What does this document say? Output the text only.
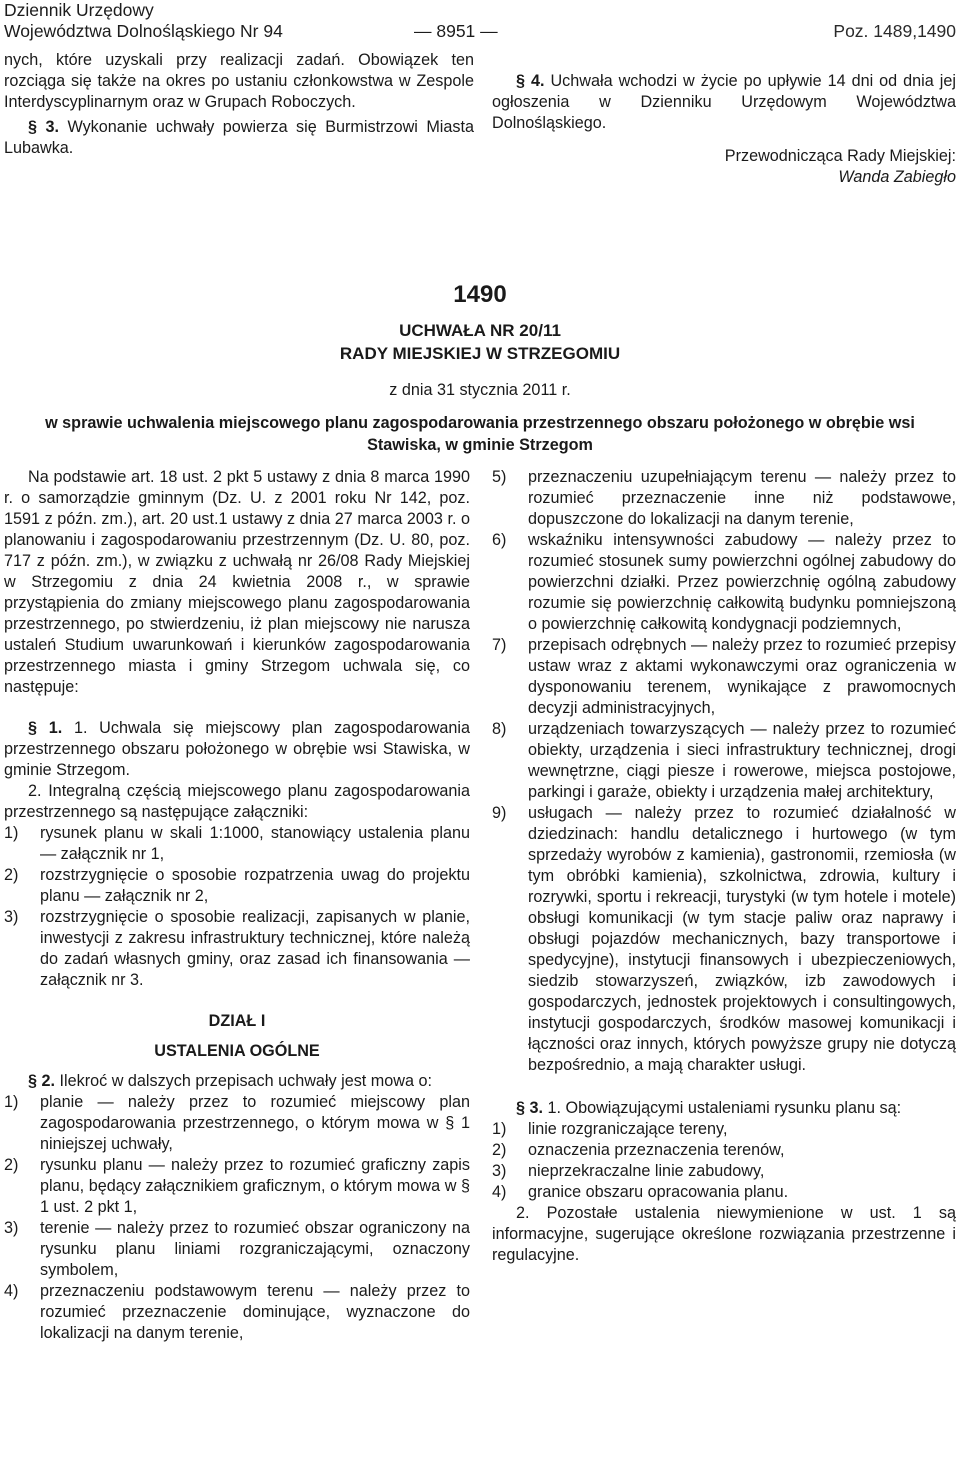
Dziennik Urzędowy
Województwa Dolnośląskiego Nr 94	Poz. 1489,1490
— 8951 —

nych, które uzyskali przy realizacji zadań. Obowiązek ten rozciąga się także na okres po ustaniu członkowstwa w Zespole Interdyscyplinarnym oraz w Grupach Roboczych.

§ 3. Wykonanie uchwały powierza się Burmistrzowi Miasta Lubawka.

§ 4. Uchwała wchodzi w życie po upływie 14 dni od dnia jej ogłoszenia w Dzienniku Urzędowym Województwa Dolnośląskiego.

Przewodnicząca Rady Miejskiej:

Wanda Zabiegło

1490
UCHWAŁA NR 20/11
RADY MIEJSKIEJ W STRZEGOMIU
z dnia 31 stycznia 2011 r.
w sprawie uchwalenia miejscowego planu zagospodarowania przestrzennego obszaru położonego w obrębie wsi Stawiska, w gminie Strzegom

Na podstawie art. 18 ust. 2 pkt 5 ustawy z dnia 8 marca 1990 r. o samorządzie gminnym (Dz. U. z 2001 roku Nr 142, poz. 1591 z późn. zm.), art. 20 ust.1 ustawy z dnia 27 marca 2003 r. o planowaniu i zagospodarowaniu przestrzennym (Dz. U. 80, poz. 717 z późn. zm.), w związku z uchwałą nr 26/08 Rady Miejskiej w Strzegomiu z dnia 24 kwietnia 2008 r., w sprawie przystąpienia do zmiany miejscowego planu zagospodarowania przestrzennego, po stwierdzeniu, iż plan miejscowy nie narusza ustaleń Studium uwarunkowań i kierunków zagospodarowania przestrzennego miasta i gminy Strzegom uchwala się, co następuje:

§ 1. 1. Uchwala się miejscowy plan zagospodarowania przestrzennego obszaru położonego w obrębie wsi Stawiska, w gminie Strzegom.

2. Integralną częścią miejscowego planu zagospodarowania przestrzennego są następujące załączniki:

1) rysunek planu w skali 1:1000, stanowiący ustalenia planu — załącznik nr 1,
2) rozstrzygnięcie o sposobie rozpatrzenia uwag do projektu planu — załącznik nr 2,
3) rozstrzygnięcie o sposobie realizacji, zapisanych w planie, inwestycji z zakresu infrastruktury technicznej, które należą do zadań własnych gminy, oraz zasad ich finansowania — załącznik nr 3.

DZIAŁ I

USTALENIA OGÓLNE

§ 2. Ilekroć w dalszych przepisach uchwały jest mowa o:

1) planie — należy przez to rozumieć miejscowy plan zagospodarowania przestrzennego, o którym mowa w § 1 niniejszej uchwały,
2) rysunku planu — należy przez to rozumieć graficzny zapis planu, będący załącznikiem graficznym, o którym mowa w § 1 ust. 2 pkt 1,
3) terenie — należy przez to rozumieć obszar ograniczony na rysunku planu liniami rozgraniczającymi, oznaczony symbolem,
4) przeznaczeniu podstawowym terenu — należy przez to rozumieć przeznaczenie dominujące, wyznaczone do lokalizacji na danym terenie,
5) przeznaczeniu uzupełniającym terenu — należy przez to rozumieć przeznaczenie inne niż podstawowe, dopuszczone do lokalizacji na danym terenie,
6) wskaźniku intensywności zabudowy — należy przez to rozumieć stosunek sumy powierzchni ogólnej zabudowy do powierzchni działki. Przez powierzchnię ogólną zabudowy rozumie się powierzchnię całkowitą budynku pomniejszoną o powierzchnię całkowitą kondygnacji podziemnych,
7) przepisach odrębnych — należy przez to rozumieć przepisy ustaw wraz z aktami wykonawczymi oraz ograniczenia w dysponowaniu terenem, wynikające z prawomocnych decyzji administracyjnych,
8) urządzeniach towarzyszących — należy przez to rozumieć obiekty, urządzenia i sieci infrastruktury technicznej, drogi wewnętrzne, ciągi piesze i rowerowe, miejsca postojowe, parkingi i garaże, obiekty i urządzenia małej architektury,
9) usługach — należy przez to rozumieć działalność w dziedzinach: handlu detalicznego i hurtowego (w tym sprzedaży wyrobów z kamienia), gastronomii, rzemiosła (w tym obróbki kamienia), szkolnictwa, zdrowia, kultury i rozrywki, sportu i rekreacji, turystyki (w tym hotele i motele) obsługi komunikacji (w tym stacje paliw oraz naprawy i obsługi pojazdów mechanicznych, bazy transportowe i spedycyjne), instytucji finansowych i ubezpieczeniowych, siedzib stowarzyszeń, związków, izb zawodowych i gospodarczych, jednostek projektowych i consultingowych, instytucji gospodarczych, środków masowej komunikacji i łączności oraz innych, których powyższe grupy nie dotyczą bezpośrednio, a mają charakter usługi.

§ 3. 1. Obowiązującymi ustaleniami rysunku planu są:

1) linie rozgraniczające tereny,
2) oznaczenia przeznaczenia terenów,
3) nieprzekraczalne linie zabudowy,
4) granice obszaru opracowania planu.

2. Pozostałe ustalenia niewymienione w ust. 1 są informacyjne, sugerujące określone rozwiązania przestrzenne i regulacyjne.
